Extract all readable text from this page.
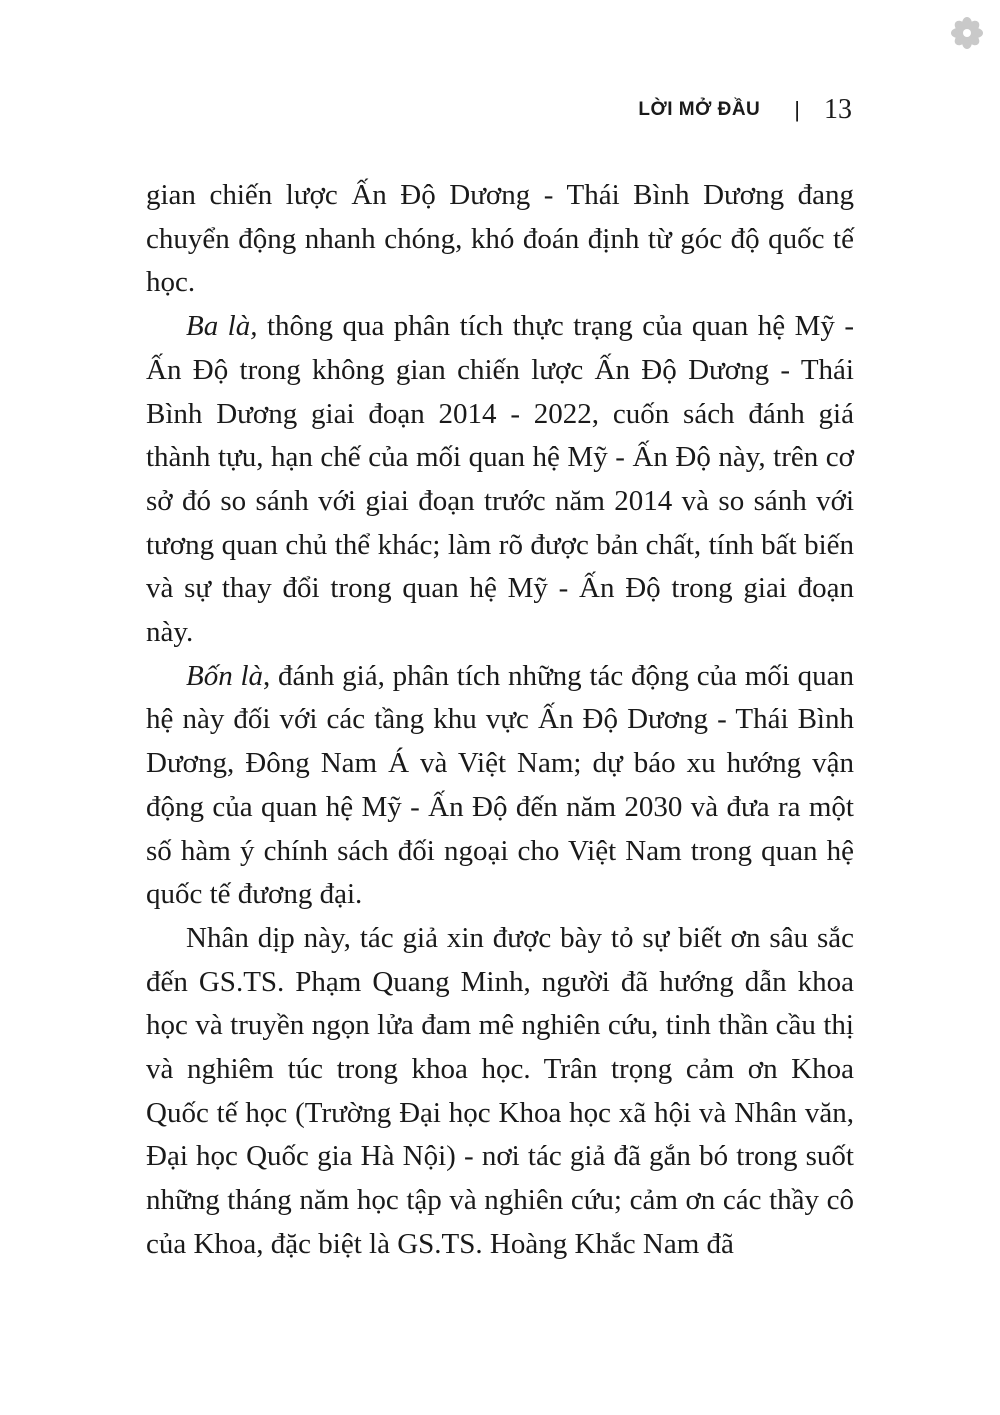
LỜI MỞ ĐẦU | 13

gian chiến lược Ấn Độ Dương - Thái Bình Dương đang chuyển động nhanh chóng, khó đoán định từ góc độ quốc tế học.

Ba là, thông qua phân tích thực trạng của quan hệ Mỹ - Ấn Độ trong không gian chiến lược Ấn Độ Dương - Thái Bình Dương giai đoạn 2014 - 2022, cuốn sách đánh giá thành tựu, hạn chế của mối quan hệ Mỹ - Ấn Độ này, trên cơ sở đó so sánh với giai đoạn trước năm 2014 và so sánh với tương quan chủ thể khác; làm rõ được bản chất, tính bất biến và sự thay đổi trong quan hệ Mỹ - Ấn Độ trong giai đoạn này.

Bốn là, đánh giá, phân tích những tác động của mối quan hệ này đối với các tầng khu vực Ấn Độ Dương - Thái Bình Dương, Đông Nam Á và Việt Nam; dự báo xu hướng vận động của quan hệ Mỹ - Ấn Độ đến năm 2030 và đưa ra một số hàm ý chính sách đối ngoại cho Việt Nam trong quan hệ quốc tế đương đại.

Nhân dịp này, tác giả xin được bày tỏ sự biết ơn sâu sắc đến GS.TS. Phạm Quang Minh, người đã hướng dẫn khoa học và truyền ngọn lửa đam mê nghiên cứu, tinh thần cầu thị và nghiêm túc trong khoa học. Trân trọng cảm ơn Khoa Quốc tế học (Trường Đại học Khoa học xã hội và Nhân văn, Đại học Quốc gia Hà Nội) - nơi tác giả đã gắn bó trong suốt những tháng năm học tập và nghiên cứu; cảm ơn các thầy cô của Khoa, đặc biệt là GS.TS. Hoàng Khắc Nam đã
